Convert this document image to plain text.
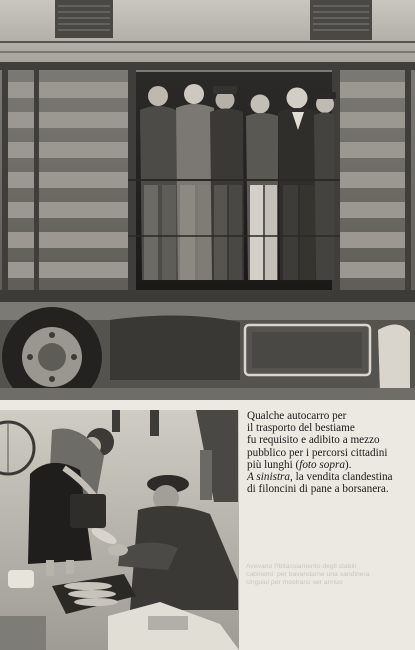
Qualche autocarro per
il trasporto del bestiame
fu requisito e adibito a mezzo
pubblico per i percorsi cittadini
più lunghi (foto sopra).
A sinistra, la vendita clandestina
di filoncini di pane a borsanera.
Avevano l'ibitassiamento degli stabili
cabinemi: per bavandarne una sandinera
cinguiui per mostrarci ser annuo
